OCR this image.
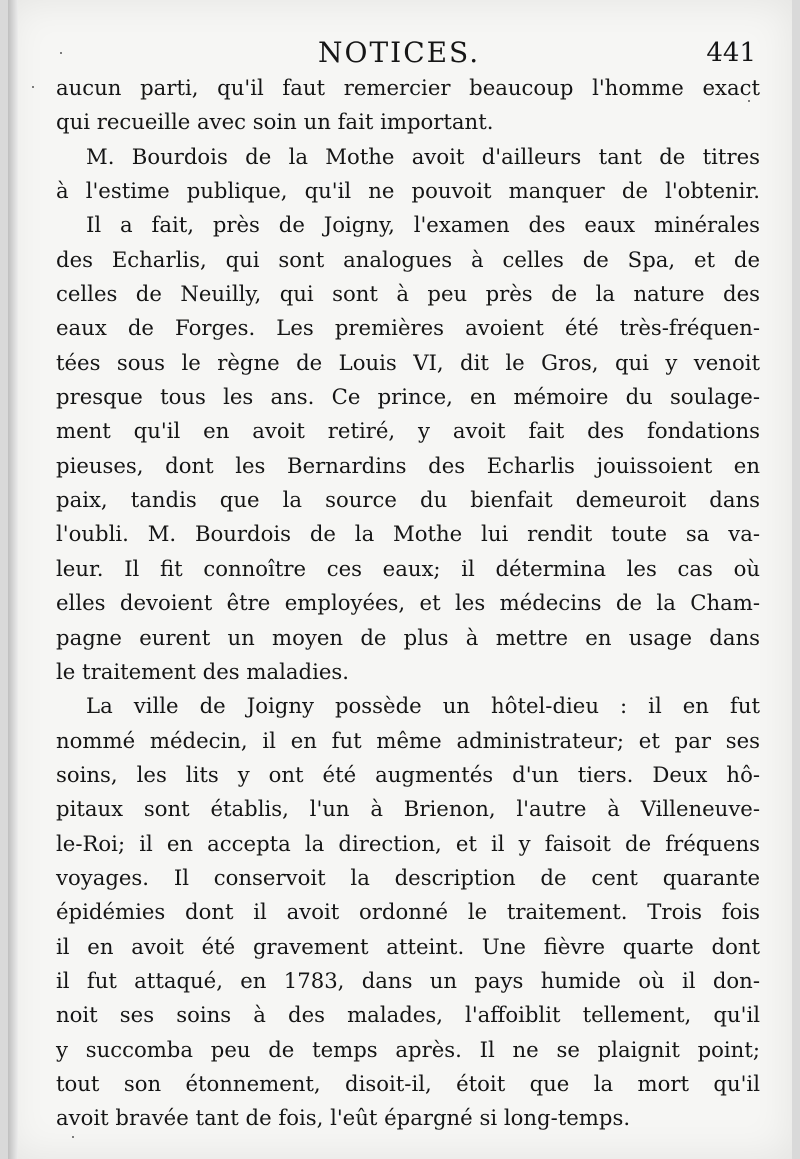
NOTICES.	441
aucun parti, qu'il faut remercier beaucoup l'homme exact
qui recueille avec soin un fait important.
M. Bourdois de la Mothe avoit d'ailleurs tant de titres
à l'estime publique, qu'il ne pouvoit manquer de l'obtenir.
Il a fait, près de Joigny, l'examen des eaux minérales
des Echarlis, qui sont analogues à celles de Spa, et de
celles de Neuilly, qui sont à peu près de la nature des
eaux de Forges. Les premières avoient été très-fréquen-
tées sous le règne de Louis VI, dit le Gros, qui y venoit
presque tous les ans. Ce prince, en mémoire du soulage-
ment qu'il en avoit retiré, y avoit fait des fondations
pieuses, dont les Bernardins des Echarlis jouissoient en
paix, tandis que la source du bienfait demeuroit dans
l'oubli. M. Bourdois de la Mothe lui rendit toute sa va-
leur. Il fit connoître ces eaux; il détermina les cas où
elles devoient être employées, et les médecins de la Cham-
pagne eurent un moyen de plus à mettre en usage dans
le traitement des maladies.
La ville de Joigny possède un hôtel-dieu : il en fut
nommé médecin, il en fut même administrateur; et par ses
soins, les lits y ont été augmentés d'un tiers. Deux hô-
pitaux sont établis, l'un à Brienon, l'autre à Villeneuve-
le-Roi; il en accepta la direction, et il y faisoit de fréquens
voyages. Il conservoit la description de cent quarante
épidémies dont il avoit ordonné le traitement. Trois fois
il en avoit été gravement atteint. Une fièvre quarte dont
il fut attaqué, en 1783, dans un pays humide où il don-
noit ses soins à des malades, l'affoiblit tellement, qu'il
y succomba peu de temps après. Il ne se plaignit point;
tout son étonnement, disoit-il, étoit que la mort qu'il
avoit bravée tant de fois, l'eût épargné si long-temps.
